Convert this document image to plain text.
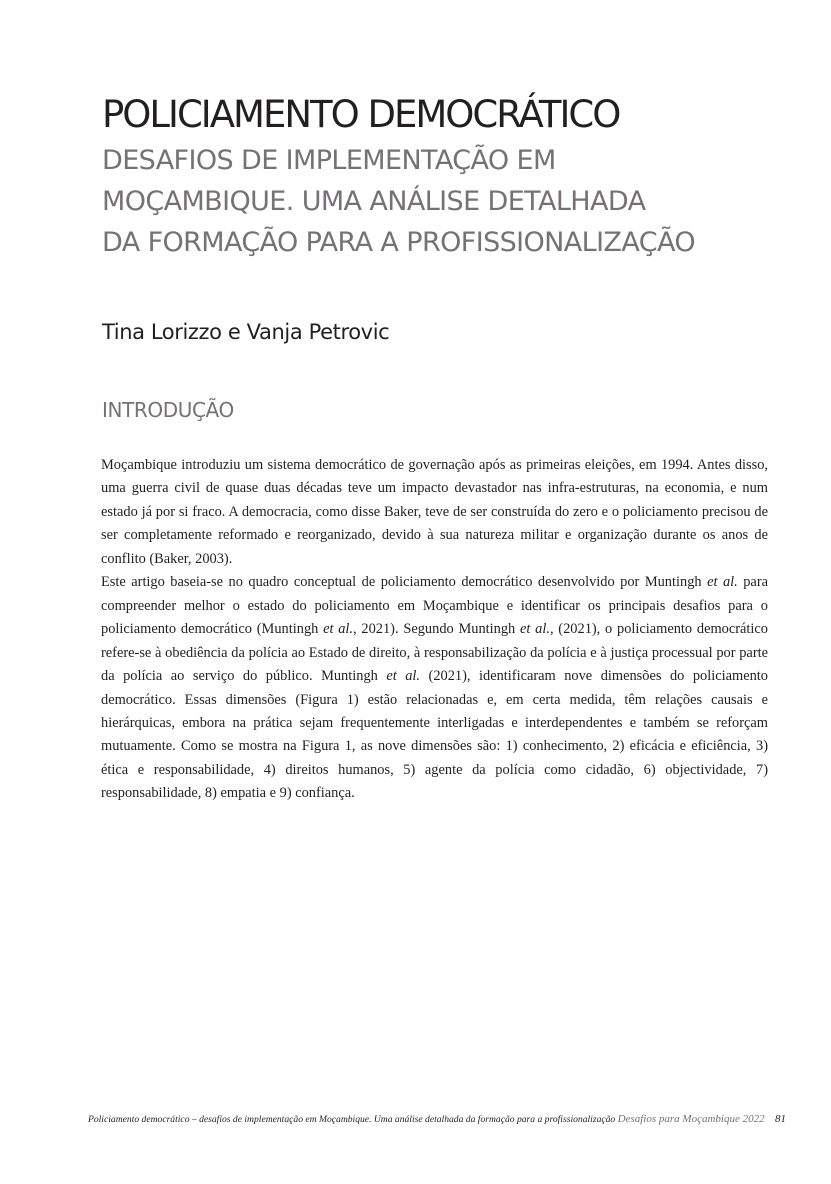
POLICIAMENTO DEMOCRÁTICO
DESAFIOS DE IMPLEMENTAÇÃO EM
MOÇAMBIQUE. UMA ANÁLISE DETALHADA
DA FORMAÇÃO PARA A PROFISSIONALIZAÇÃO
Tina Lorizzo e Vanja Petrovic
INTRODUÇÃO

Moçambique introduziu um sistema democrático de governação após as primeiras eleições, em 1994. Antes disso, uma guerra civil de quase duas décadas teve um impacto devastador nas infra-estruturas, na economia, e num estado já por si fraco. A democracia, como disse Baker, teve de ser construída do zero e o policiamento precisou de ser completamente reformado e reorganizado, devido à sua natureza militar e organização durante os anos de conflito (Baker, 2003).

Este artigo baseia-se no quadro conceptual de policiamento democrático desenvolvido por Muntingh et al. para compreender melhor o estado do policiamento em Moçambique e identificar os principais desafios para o policiamento democrático (Muntingh et al., 2021). Segundo Muntingh et al., (2021), o policiamento democrático refere-se à obediência da polícia ao Estado de direito, à responsabilização da polícia e à justiça processual por parte da polícia ao serviço do público. Muntingh et al. (2021), identificaram nove dimensões do policiamento democrático. Essas dimensões (Figura 1) estão relacionadas e, em certa medida, têm relações causais e hierárquicas, embora na prática sejam frequentemente interligadas e interdependentes e também se reforçam mutuamente. Como se mostra na Figura 1, as nove dimensões são: 1) conhecimento, 2) eficácia e eficiência, 3) ética e responsabilidade, 4) direitos humanos, 5) agente da polícia como cidadão, 6) objectividade, 7) responsabilidade, 8) empatia e 9) confiança.

Policiamento democrático – desafios de implementação em Moçambique. Uma análise detalhada da formação para a profissionalização Desafios para Moçambique 2022 81
